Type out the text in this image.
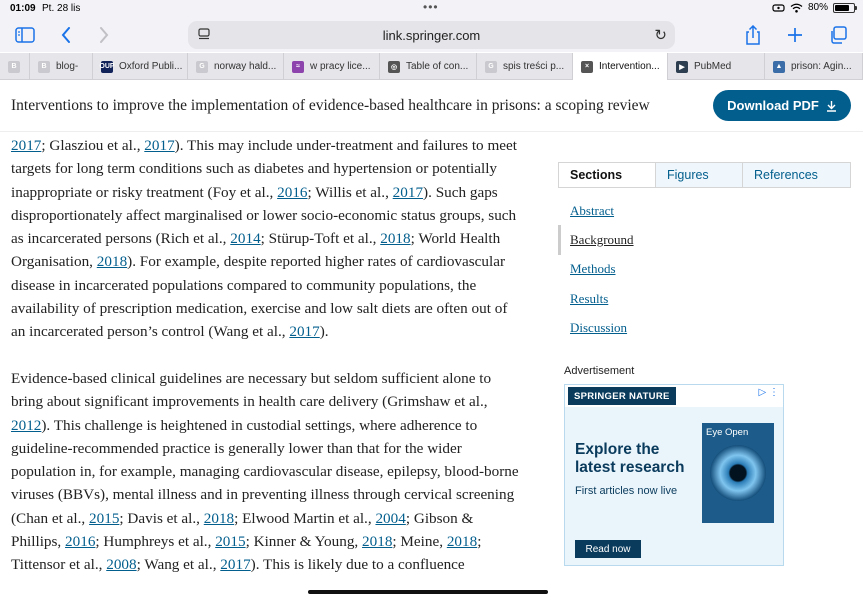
01:09 Pt. 28 lis	•••	80%
link.springer.com	↻
B	B blog-	OUP Oxford Publi...	G norway hald...	≈	w pracy lice...	◎ Table of con...	G spis treści p...	× Intervention...	▶ PubMed	▲ prison: Agin...
Interventions to improve the implementation of evidence-based healthcare in prisons: a scoping review	Download PDF

2017; Glasziou et al., 2017). This may include under-treatment and failures to meet targets for long term conditions such as diabetes and hypertension or potentially inappropriate or risky treatment (Foy et al., 2016; Willis et al., 2017). Such gaps disproportionately affect marginalised or lower socio-economic status groups, such as incarcerated persons (Rich et al., 2014; Stürup-Toft et al., 2018; World Health Organisation, 2018). For example, despite reported higher rates of cardiovascular disease in incarcerated populations compared to community populations, the availability of prescription medication, exercise and low salt diets are often out of an incarcerated person’s control (Wang et al., 2017).

Evidence-based clinical guidelines are necessary but seldom sufficient alone to bring about significant improvements in health care delivery (Grimshaw et al., 2012). This challenge is heightened in custodial settings, where adherence to guideline-recommended practice is generally lower than that for the wider population in, for example, managing cardiovascular disease, epilepsy, blood-borne viruses (BBVs), mental illness and in preventing illness through cervical screening (Chan et al., 2015; Davis et al., 2018; Elwood Martin et al., 2004; Gibson & Phillips, 2016; Humphreys et al., 2015; Kinner & Young, 2018; Meine, 2018; Tittensor et al., 2008; Wang et al., 2017). This is likely due to a confluence

Sections	Figures	References
Abstract
Background
Methods
Results
Discussion
Advertisement
SPRINGER NATURE	▷ ⋮
Explore the latest research
First articles now live
Eye Open
Read now
